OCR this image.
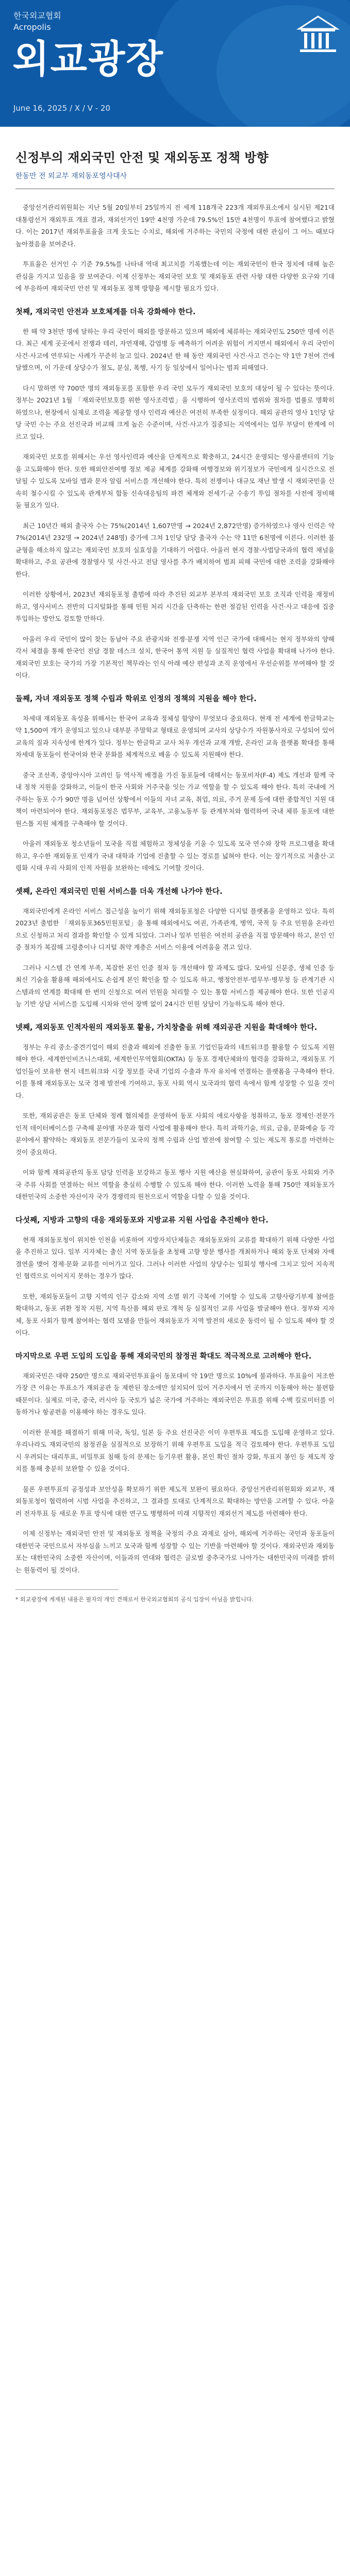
한국외교협회
Acropolis
외교광장
June 16, 2025 / Ⅹ / Ⅴ - 20
신정부의 재외국민 안전 및 재외동포 정책 방향
한동만 전 외교부 재외동포영사대사

중앙선거관리위원회는 지난 5월 20일부터 25일까지 전 세계 118개국 223개 재외투표소에서 실시된 제21대 대통령선거 재외투표 개표 결과, 재외선거인 19만 4천명 가운데 79.5%인 15만 4천명이 투표에 참여했다고 밝혔다. 이는 2017년 재외투표율을 크게 웃도는 수치로, 해외에 거주하는 국민의 국정에 대한 관심이 그 어느 때보다 높아졌음을 보여준다.

투표율은 선거인 수 기준 79.5%를 나타내 역대 최고치를 기록했는데 이는 재외국민이 한국 정치에 대해 높은 관심을 가지고 있음을 잘 보여준다. 이제 신정부는 재외국민 보호 및 재외동포 관련 사항 대한 다양한 요구와 기대에 부응하여 재외국민 안전 및 재외동포 정책 방향을 제시할 필요가 있다.

첫째, 재외국민 안전과 보호체계를 더욱 강화해야 한다.

한 해 약 3천만 명에 달하는 우리 국민이 해외를 방문하고 있으며 해외에 체류하는 재외국민도 250만 명에 이른다. 최근 세계 곳곳에서 전쟁과 테러, 자연재해, 감염병 등 예측하기 어려운 위험이 커지면서 해외에서 우리 국민이 사건·사고에 연루되는 사례가 꾸준히 늘고 있다. 2024년 한 해 동안 재외국민 사건·사고 건수는 약 1만 7천여 건에 달했으며, 이 가운데 상당수가 절도, 분실, 폭행, 사기 등 일상에서 일어나는 범죄 피해였다.

다시 말하면 약 700만 명의 재외동포를 포함한 우리 국민 모두가 재외국민 보호의 대상이 될 수 있다는 뜻이다. 정부는 2021년 1월 「재외국민보호를 위한 영사조력법」을 시행하여 영사조력의 범위와 절차를 법률로 명확히 하였으나, 현장에서 실제로 조력을 제공할 영사 인력과 예산은 여전히 부족한 실정이다. 해외 공관의 영사 1인당 담당 국민 수는 주요 선진국과 비교해 크게 높은 수준이며, 사건·사고가 집중되는 지역에서는 업무 부담이 한계에 이르고 있다.

재외국민 보호를 위해서는 우선 영사인력과 예산을 단계적으로 확충하고, 24시간 운영되는 영사콜센터의 기능을 고도화해야 한다. 또한 해외안전여행 정보 제공 체계를 강화해 여행경보와 위기정보가 국민에게 실시간으로 전달될 수 있도록 모바일 앱과 문자 알림 서비스를 개선해야 한다. 특히 전쟁이나 대규모 재난 발생 시 재외국민을 신속히 철수시킬 수 있도록 관계부처 합동 신속대응팀의 파견 체계와 전세기·군 수송기 투입 절차를 사전에 정비해 둘 필요가 있다.

최근 10년간 해외 출국자 수는 75%(2014년 1,607만명 → 2024년 2,872만명) 증가하였으나 영사 인력은 약 7%(2014년 232명 → 2024년 248명) 증가에 그쳐 1인당 담당 출국자 수는 약 11만 6천명에 이른다. 이러한 불균형을 해소하지 않고는 재외국민 보호의 실효성을 기대하기 어렵다. 아울러 현지 경찰·사법당국과의 협력 채널을 확대하고, 주요 공관에 경찰영사 및 사건·사고 전담 영사를 추가 배치하여 범죄 피해 국민에 대한 조력을 강화해야 한다.

이러한 상황에서, 2023년 재외동포청 출범에 따라 추진된 외교부 본부의 재외국민 보호 조직과 인력을 재정비하고, 영사서비스 전반의 디지털화를 통해 민원 처리 시간을 단축하는 한편 절감된 인력을 사건·사고 대응에 집중 투입하는 방안도 검토할 만하다.

아울러 우리 국민이 많이 찾는 동남아 주요 관광지와 전쟁·분쟁 지역 인근 국가에 대해서는 현지 정부와의 양해각서 체결을 통해 한국인 전담 경찰 데스크 설치, 한국어 통역 지원 등 실질적인 협력 사업을 확대해 나가야 한다. 재외국민 보호는 국가의 가장 기본적인 책무라는 인식 아래 예산 편성과 조직 운영에서 우선순위를 부여해야 할 것이다.

둘째, 자녀 재외동포 정책 수립과 학위로 인정의 정책의 지원을 해야 한다.

차세대 재외동포 육성을 위해서는 한국어 교육과 정체성 함양이 무엇보다 중요하다. 현재 전 세계에 한글학교는 약 1,500여 개가 운영되고 있으나 대부분 주말학교 형태로 운영되며 교사의 상당수가 자원봉사자로 구성되어 있어 교육의 질과 지속성에 한계가 있다. 정부는 한글학교 교사 처우 개선과 교재 개발, 온라인 교육 플랫폼 확대를 통해 차세대 동포들이 한국어와 한국 문화를 체계적으로 배울 수 있도록 지원해야 한다.

중국 조선족, 중앙아시아 고려인 등 역사적 배경을 가진 동포들에 대해서는 동포비자(F-4) 제도 개선과 함께 국내 정착 지원을 강화하고, 이들이 한국 사회와 거주국을 잇는 가교 역할을 할 수 있도록 해야 한다. 특히 국내에 거주하는 동포 수가 90만 명을 넘어선 상황에서 이들의 자녀 교육, 취업, 의료, 주거 문제 등에 대한 종합적인 지원 대책이 마련되어야 한다. 재외동포청은 법무부, 교육부, 고용노동부 등 관계부처와 협력하여 국내 체류 동포에 대한 원스톱 지원 체계를 구축해야 할 것이다.

아울러 재외동포 청소년들이 모국을 직접 체험하고 정체성을 키울 수 있도록 모국 연수와 장학 프로그램을 확대하고, 우수한 재외동포 인재가 국내 대학과 기업에 진출할 수 있는 경로를 넓혀야 한다. 이는 장기적으로 저출산·고령화 시대 우리 사회의 인적 자원을 보완하는 데에도 기여할 것이다.

셋째, 온라인 재외국민 민원 서비스를 더욱 개선해 나가야 한다.

재외국민에게 온라인 서비스 접근성을 높이기 위해 재외동포청은 다양한 디지털 플랫폼을 운영하고 있다. 특히 2023년 출범한 「재외동포365민원포털」을 통해 해외에서도 여권, 가족관계, 병역, 국적 등 주요 민원을 온라인으로 신청하고 처리 결과를 확인할 수 있게 되었다. 그러나 일부 민원은 여전히 공관을 직접 방문해야 하고, 본인 인증 절차가 복잡해 고령층이나 디지털 취약 계층은 서비스 이용에 어려움을 겪고 있다.

그러나 시스템 간 연계 부족, 복잡한 본인 인증 절차 등 개선해야 할 과제도 많다. 모바일 신분증, 생체 인증 등 최신 기술을 활용해 해외에서도 손쉽게 본인 확인을 할 수 있도록 하고, 행정안전부·법무부·병무청 등 관계기관 시스템과의 연계를 확대해 한 번의 신청으로 여러 민원을 처리할 수 있는 통합 서비스를 제공해야 한다. 또한 인공지능 기반 상담 서비스를 도입해 시차와 언어 장벽 없이 24시간 민원 상담이 가능하도록 해야 한다.

넷째, 재외동포 인적자원의 재외동포 활용, 가치창출을 위해 재외공관 지원을 확대해야 한다.

정부는 우리 중소·중견기업이 해외 진출과 해외에 진출한 동포 기업인들과의 네트워크를 활용할 수 있도록 지원해야 한다. 세계한인비즈니스대회, 세계한인무역협회(OKTA) 등 동포 경제단체와의 협력을 강화하고, 재외동포 기업인들이 보유한 현지 네트워크와 시장 정보를 국내 기업의 수출과 투자 유치에 연결하는 플랫폼을 구축해야 한다. 이를 통해 재외동포는 모국 경제 발전에 기여하고, 동포 사회 역시 모국과의 협력 속에서 함께 성장할 수 있을 것이다.

또한, 재외공관은 동포 단체와 정례 협의체를 운영하여 동포 사회의 애로사항을 청취하고, 동포 경제인·전문가 인적 데이터베이스를 구축해 분야별 자문과 협력 사업에 활용해야 한다. 특히 과학기술, 의료, 금융, 문화예술 등 각 분야에서 활약하는 재외동포 전문가들이 모국의 정책 수립과 산업 발전에 참여할 수 있는 제도적 통로를 마련하는 것이 중요하다.

이와 함께 재외공관의 동포 담당 인력을 보강하고 동포 행사 지원 예산을 현실화하여, 공관이 동포 사회와 거주국 주류 사회를 연결하는 허브 역할을 충실히 수행할 수 있도록 해야 한다. 이러한 노력을 통해 750만 재외동포가 대한민국의 소중한 자산이자 국가 경쟁력의 원천으로서 역할을 다할 수 있을 것이다.

다섯째, 지방과 고향의 대응 재외동포와 지방교류 지원 사업을 추진해야 한다.

현재 재외동포청이 위치한 인천을 비롯하여 지방자치단체들은 재외동포와의 교류를 확대하기 위해 다양한 사업을 추진하고 있다. 일부 지자체는 출신 지역 동포들을 초청해 고향 방문 행사를 개최하거나 해외 동포 단체와 자매결연을 맺어 경제·문화 교류를 이어가고 있다. 그러나 이러한 사업의 상당수는 일회성 행사에 그치고 있어 지속적인 협력으로 이어지지 못하는 경우가 많다.

또한, 재외동포들이 고향 지역의 인구 감소와 지역 소멸 위기 극복에 기여할 수 있도록 고향사랑기부제 참여를 확대하고, 동포 귀환 정착 지원, 지역 특산품 해외 판로 개척 등 실질적인 교류 사업을 발굴해야 한다. 정부와 지자체, 동포 사회가 함께 참여하는 협력 모델을 만들어 재외동포가 지역 발전의 새로운 동력이 될 수 있도록 해야 할 것이다.

마지막으로 우편 도입의 도입을 통해 재외국민의 참정권 확대도 적극적으로 고려해야 한다.

재외국민은 대략 250만 명으로 재외국민투표율이 동포대비 약 19만 명으로 10%에 불과하다. 투표율이 저조한 가장 큰 이유는 투표소가 재외공관 등 제한된 장소에만 설치되어 있어 거주지에서 먼 곳까지 이동해야 하는 불편함 때문이다. 실제로 미국, 중국, 러시아 등 국토가 넓은 국가에 거주하는 재외국민은 투표를 위해 수백 킬로미터를 이동하거나 항공편을 이용해야 하는 경우도 있다.

이러한 문제를 해결하기 위해 미국, 독일, 일본 등 주요 선진국은 이미 우편투표 제도를 도입해 운영하고 있다. 우리나라도 재외국민의 참정권을 실질적으로 보장하기 위해 우편투표 도입을 적극 검토해야 한다. 우편투표 도입 시 우려되는 대리투표, 비밀투표 침해 등의 문제는 등기우편 활용, 본인 확인 절차 강화, 투표지 봉인 등 제도적 장치를 통해 충분히 보완할 수 있을 것이다.

물론 우편투표의 공정성과 보안성을 확보하기 위한 제도적 보완이 필요하다. 중앙선거관리위원회와 외교부, 재외동포청이 협력하여 시범 사업을 추진하고, 그 결과를 토대로 단계적으로 확대하는 방안을 고려할 수 있다. 아울러 전자투표 등 새로운 투표 방식에 대한 연구도 병행하여 미래 지향적인 재외선거 제도를 마련해야 한다.

이제 신정부는 재외국민 안전 및 재외동포 정책을 국정의 주요 과제로 삼아, 해외에 거주하는 국민과 동포들이 대한민국 국민으로서 자부심을 느끼고 모국과 함께 성장할 수 있는 기반을 마련해야 할 것이다. 재외국민과 재외동포는 대한민국의 소중한 자산이며, 이들과의 연대와 협력은 글로벌 중추국가로 나아가는 대한민국의 미래를 밝히는 원동력이 될 것이다.

* 외교광장에 게재된 내용은 필자의 개인 견해로서 한국외교협회의 공식 입장이 아님을 밝힙니다.
